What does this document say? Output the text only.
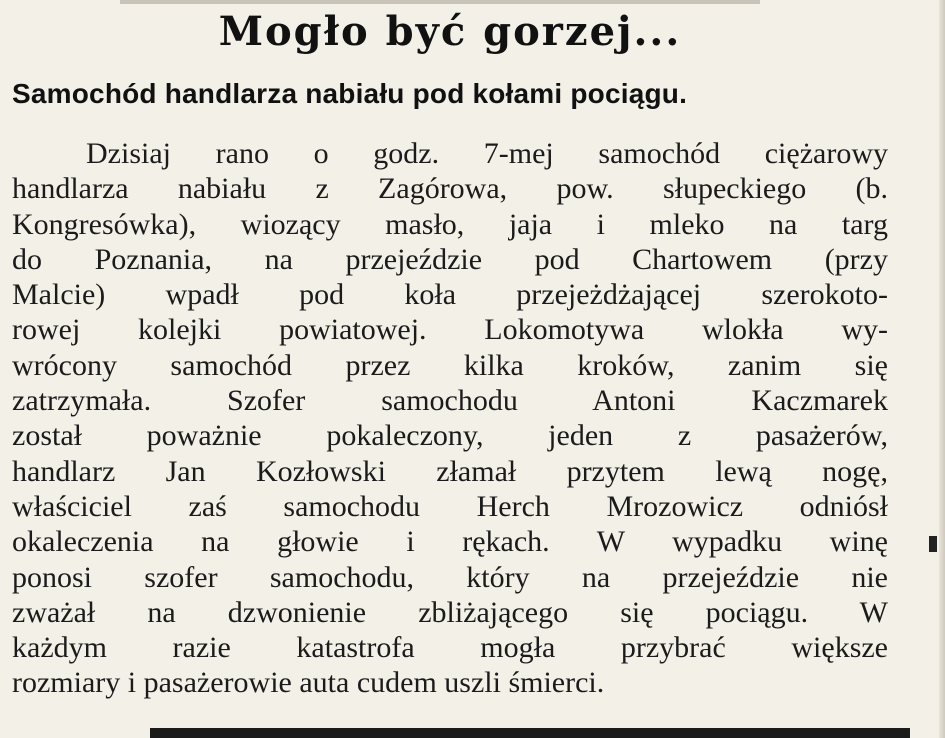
Mogło być gorzej...
Samochód handlarza nabiału pod kołami pociągu.
Dzisiaj rano o godz. 7-mej samochód ciężarowy
handlarza nabiału z Zagórowa, pow. słupeckiego (b.
Kongresówka), wiozący masło, jaja i mleko na targ
do Poznania, na przejeździe pod Chartowem (przy
Malcie) wpadł pod koła przejeżdżającej szerokoto-
rowej kolejki powiatowej. Lokomotywa wlokła wy-
wrócony samochód przez kilka kroków, zanim się
zatrzymała. Szofer samochodu Antoni Kaczmarek
został poważnie pokaleczony, jeden z pasażerów,
handlarz Jan Kozłowski złamał przytem lewą nogę,
właściciel zaś samochodu Herch Mrozowicz odniósł
okaleczenia na głowie i rękach. W wypadku winę
ponosi szofer samochodu, który na przejeździe nie
zważał na dzwonienie zbliżającego się pociągu. W
każdym razie katastrofa mogła przybrać większe
rozmiary i pasażerowie auta cudem uszli śmierci.
